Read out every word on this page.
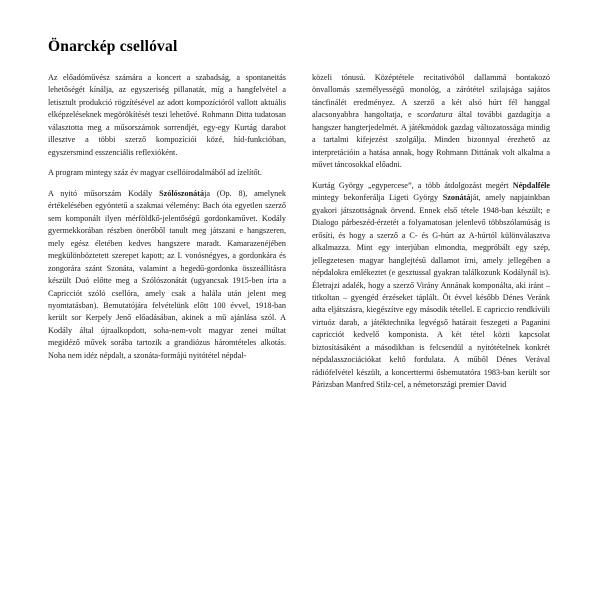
Önarckép csellóval

Az előadóművész számára a koncert a szabadság, a spontaneitás lehetőségét kínálja, az egyszeriség pillanatát, míg a hangfelvétel a letisztult produkció rögzítésével az adott kompozícióról vallott aktuális elképzeléseknek megörökítését teszi lehetővé. Rohmann Ditta tudatosan választotta meg a műsorszámok sorrendjét, egy-egy Kurtág darabot illesztve a többi szerző kompozíciói közé, híd-funkcióban, egyszersmind esszenciális reflexióként.

A program mintegy száz év magyar csellóirodalmából ad ízelítőt.

A nyitó műsorszám Kodály Szólószonátája (Op. 8), amelynek értékelésében egyöntetű a szakmai vélemény: Bach óta egyetlen szerző sem komponált ilyen mérföldkő-jelentőségű gordonkaművet. Kodály gyermekkorában részben önerőből tanult meg játszani e hangszeren, mely egész életében kedves hangszere maradt. Kamarazenéjében megkülönböztetett szerepet kapott; az I. vonósnégyes, a gordonkára és zongorára szánt Szonáta, valamint a hegedű-gordonka összeállításra készült Duó előtte meg a Szólószonátát (ugyancsak 1915-ben írta a Capricciót szóló csellóra, amely csak a halála után jelent meg nyomtatásban). Bemutatójára felvételünk előtt 100 évvel, 1918-ban került sor Kerpely Jenő előadásában, akinek a mű ajánlása szól. A Kodály által újraalkopdott, soha-nem-volt magyar zenei múltat megidéző művek sorába tartozik a grandiózus háromtételes alkotás. Noha nem idéz népdalt, a szonáta-formájú nyitótétel népdal-

közeli tónusú. Középtétele recitativóból dallammá bontakozó önvallomás személyességű monológ, a zárótétel szilajsága sajátos táncfinálét eredményez. A szerző a két alsó húrt fél hanggal alacsonyabbra hangoltatja, e scordatura által további gazdagítja a hangszer hangterjedelmét. A játékmódok gazdag változatossága mindig a tartalmi kifejezést szolgálja. Minden bizonnyal érezhető az interpretációin a hatása annak, hogy Rohmann Dittának volt alkalma a művet táncosokkal előadni.

Kurtág György „egypercese”, a több átdolgozást megért Népdalféle mintegy bekonferálja Ligeti György Szonátáját, amely napjainkban gyakori játszottságnak örvend. Ennek első tétele 1948-ban készült; e Dialogo párbeszéd-érzetét a folyamatosan jelenlevő többszólamúság is erősíti, és hogy a szerző a C- és G-húrt az A-húrtól különválasztva alkalmazza. Mint egy interjúban elmondta, megpróbált egy szép, jellegzetesen magyar hanglejtésű dallamot írni, amely jellegében a népdalokra emlékeztet (e gesztussal gyakran találkozunk Kodálynál is). Életrajzi adalék, hogy a szerző Virány Annának komponálta, aki iránt – titkoltan – gyengéd érzéseket táplált. Öt évvel később Dénes Veránk adta eljátszásra, kiegészítve egy második tétellel. E capriccio rendkívüli virtuóz darab, a játéktechnika legvégső határait feszegeti a Paganini capricciót kedvelő komponista. A két tétel közti kapcsolat biztosításáként a másodikban is felcsendül a nyitótételnek konkrét népdalasszociációkat keltő fordulata. A műből Dénes Verával rádiófelvétel készült, a koncerttermi ősbemutatóra 1983-ban került sor Párizsban Manfred Stilz-cel, a németországi premier David
